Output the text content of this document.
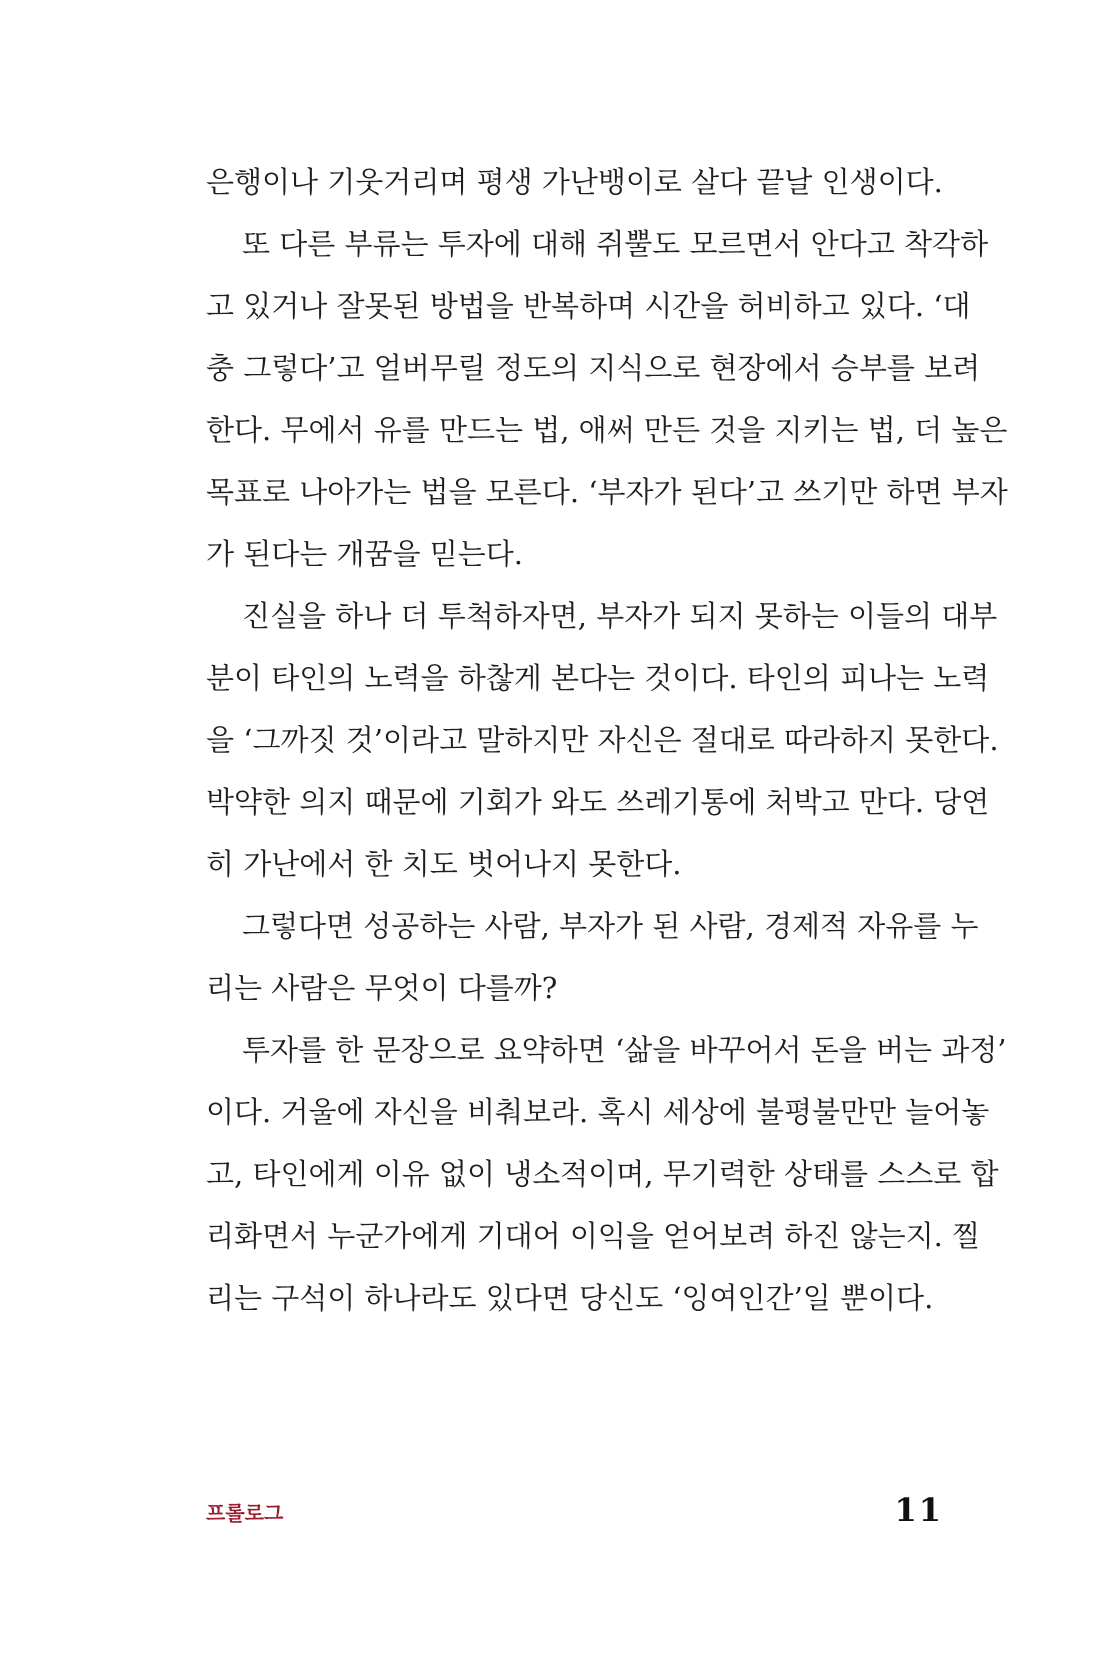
은행이나 기웃거리며 평생 가난뱅이로 살다 끝날 인생이다.
또 다른 부류는 투자에 대해 쥐뿔도 모르면서 안다고 착각하
고 있거나 잘못된 방법을 반복하며 시간을 허비하고 있다. ‘대
충 그렇다’고 얼버무릴 정도의 지식으로 현장에서 승부를 보려
한다. 무에서 유를 만드는 법, 애써 만든 것을 지키는 법, 더 높은
목표로 나아가는 법을 모른다. ‘부자가 된다’고 쓰기만 하면 부자
가 된다는 개꿈을 믿는다.
진실을 하나 더 투척하자면, 부자가 되지 못하는 이들의 대부
분이 타인의 노력을 하찮게 본다는 것이다. 타인의 피나는 노력
을 ‘그까짓 것’이라고 말하지만 자신은 절대로 따라하지 못한다.
박약한 의지 때문에 기회가 와도 쓰레기통에 처박고 만다. 당연
히 가난에서 한 치도 벗어나지 못한다.
그렇다면 성공하는 사람, 부자가 된 사람, 경제적 자유를 누
리는 사람은 무엇이 다를까?
투자를 한 문장으로 요약하면 ‘삶을 바꾸어서 돈을 버는 과정’
이다. 거울에 자신을 비춰보라. 혹시 세상에 불평불만만 늘어놓
고, 타인에게 이유 없이 냉소적이며, 무기력한 상태를 스스로 합
리화면서 누군가에게 기대어 이익을 얻어보려 하진 않는지. 찔
리는 구석이 하나라도 있다면 당신도 ‘잉여인간’일 뿐이다.
프롤로그	11
